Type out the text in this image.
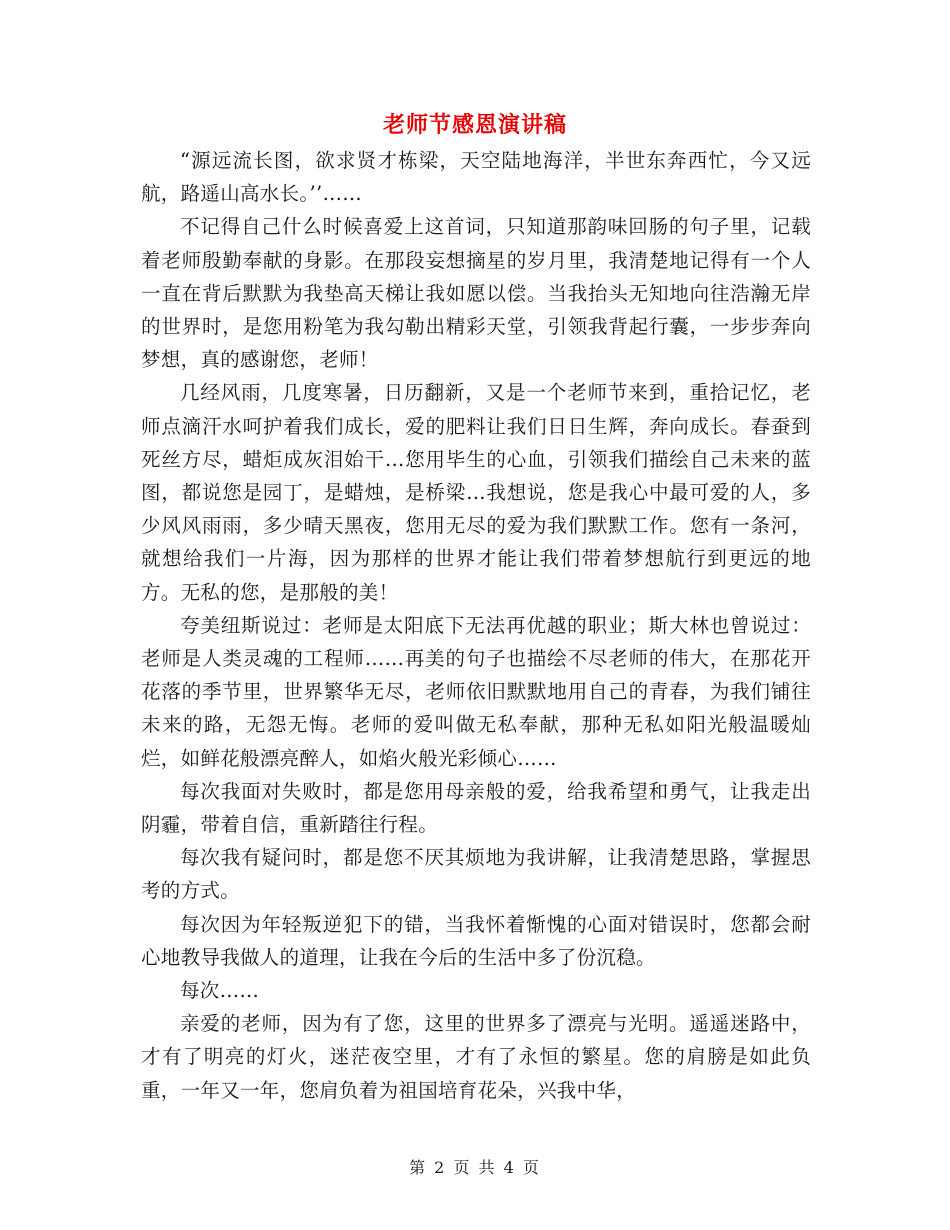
老师节感恩演讲稿

“源远流长图，欲求贤才栋梁，天空陆地海洋，半世东奔西忙，今又远航，路遥山高水长。’’……

不记得自己什么时候喜爱上这首词，只知道那韵味回肠的句子里，记载着老师殷勤奉献的身影。在那段妄想摘星的岁月里，我清楚地记得有一个人一直在背后默默为我垫高天梯让我如愿以偿。当我抬头无知地向往浩瀚无岸的世界时，是您用粉笔为我勾勒出精彩天堂，引领我背起行囊，一步步奔向梦想，真的感谢您，老师！

几经风雨，几度寒暑，日历翻新，又是一个老师节来到，重拾记忆，老师点滴汗水呵护着我们成长，爱的肥料让我们日日生辉，奔向成长。春蚕到死丝方尽，蜡炬成灰泪始干…您用毕生的心血，引领我们描绘自己未来的蓝图，都说您是园丁，是蜡烛，是桥梁…我想说，您是我心中最可爱的人，多少风风雨雨，多少晴天黑夜，您用无尽的爱为我们默默工作。您有一条河，就想给我们一片海，因为那样的世界才能让我们带着梦想航行到更远的地方。无私的您，是那般的美！

夸美纽斯说过：老师是太阳底下无法再优越的职业；斯大林也曾说过：老师是人类灵魂的工程师……再美的句子也描绘不尽老师的伟大，在那花开花落的季节里，世界繁华无尽，老师依旧默默地用自己的青春，为我们铺往未来的路，无怨无悔。老师的爱叫做无私奉献，那种无私如阳光般温暖灿烂，如鲜花般漂亮醉人，如焰火般光彩倾心……

每次我面对失败时，都是您用母亲般的爱，给我希望和勇气，让我走出阴霾，带着自信，重新踏往行程。

每次我有疑问时，都是您不厌其烦地为我讲解，让我清楚思路，掌握思考的方式。

每次因为年轻叛逆犯下的错，当我怀着惭愧的心面对错误时，您都会耐心地教导我做人的道理，让我在今后的生活中多了份沉稳。

每次……

亲爱的老师，因为有了您，这里的世界多了漂亮与光明。遥遥迷路中，才有了明亮的灯火，迷茫夜空里，才有了永恒的繁星。您的肩膀是如此负重，一年又一年，您肩负着为祖国培育花朵，兴我中华，

第 2 页 共 4 页
